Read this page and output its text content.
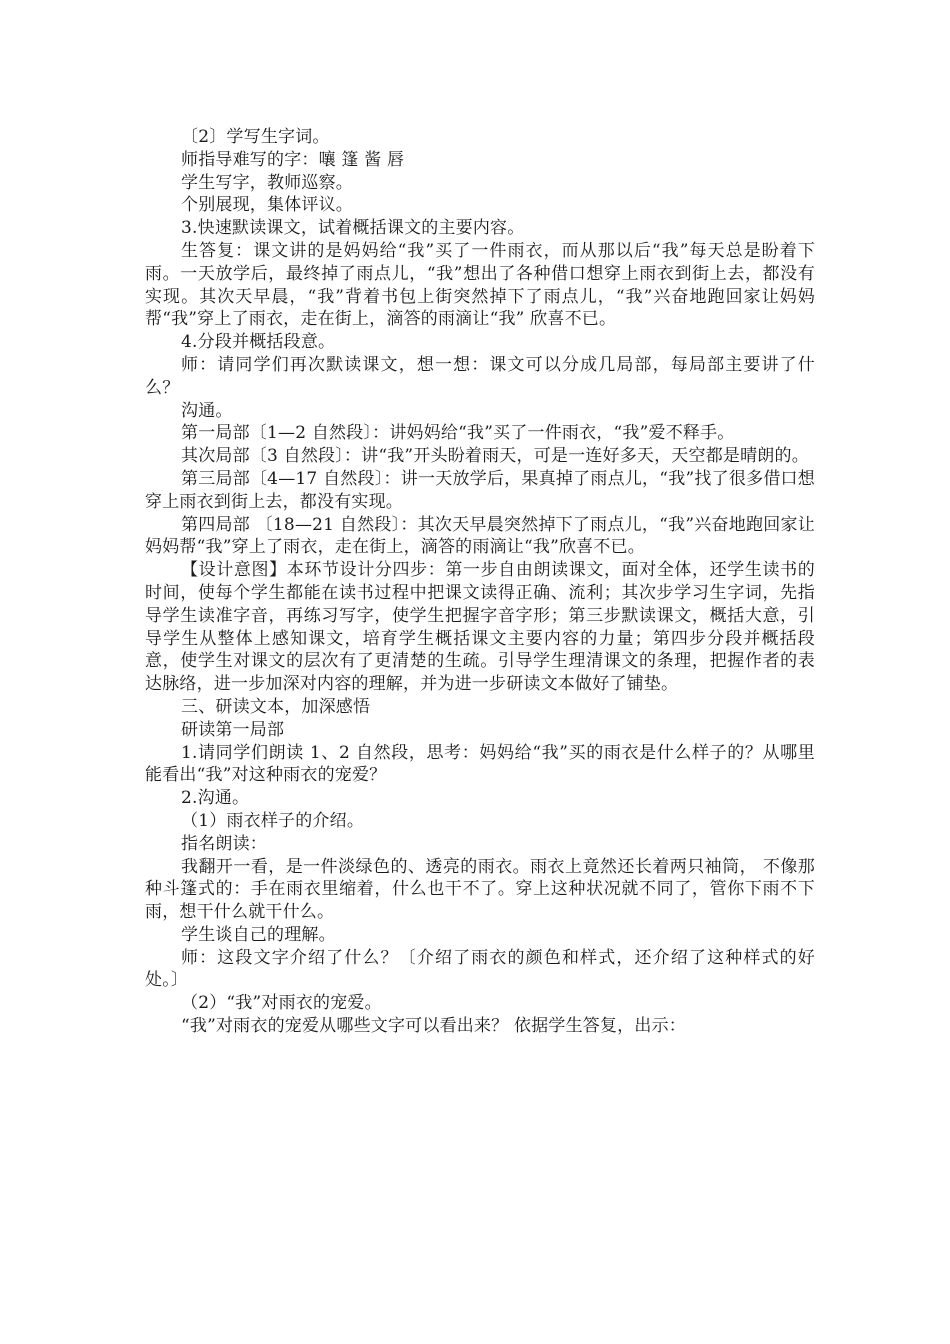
〔2〕学写生字词。

师指导难写的字：嚷 篷 酱 唇

学生写字，教师巡察。

个别展现，集体评议。

3.快速默读课文，试着概括课文的主要内容。

生答复：课文讲的是妈妈给“我”买了一件雨衣，而从那以后“我”每天总是盼着下雨。一天放学后，最终掉了雨点儿，“我”想出了各种借口想穿上雨衣到街上去，都没有实现。其次天早晨，“我”背着书包上街突然掉下了雨点儿，“我”兴奋地跑回家让妈妈帮“我”穿上了雨衣，走在街上，滴答的雨滴让“我” 欣喜不已。

4.分段并概括段意。

师：请同学们再次默读课文，想一想：课文可以分成几局部，每局部主要讲了什么？

沟通。

第一局部〔1—2 自然段〕：讲妈妈给“我”买了一件雨衣，“我”爱不释手。

其次局部〔3 自然段〕：讲“我”开头盼着雨天，可是一连好多天，天空都是晴朗的。

第三局部〔4—17 自然段〕：讲一天放学后，果真掉了雨点儿，“我”找了很多借口想穿上雨衣到街上去，都没有实现。

第四局部 〔18—21 自然段〕：其次天早晨突然掉下了雨点儿，“我”兴奋地跑回家让妈妈帮“我”穿上了雨衣，走在街上，滴答的雨滴让“我”欣喜不已。

【设计意图】本环节设计分四步：第一步自由朗读课文，面对全体，还学生读书的时间，使每个学生都能在读书过程中把课文读得正确、流利；其次步学习生字词，先指导学生读准字音，再练习写字，使学生把握字音字形；第三步默读课文，概括大意，引导学生从整体上感知课文，培育学生概括课文主要内容的力量；第四步分段并概括段意，使学生对课文的层次有了更清楚的生疏。引导学生理清课文的条理，把握作者的表达脉络，进一步加深对内容的理解，并为进一步研读文本做好了铺垫。

三、研读文本，加深感悟

研读第一局部

1.请同学们朗读 1、2 自然段，思考：妈妈给“我”买的雨衣是什么样子的？从哪里能看出“我”对这种雨衣的宠爱？

2.沟通。

（1）雨衣样子的介绍。

指名朗读：

我翻开一看，是一件淡绿色的、透亮的雨衣。雨衣上竟然还长着两只袖筒， 不像那种斗篷式的：手在雨衣里缩着，什么也干不了。穿上这种状况就不同了，管你下雨不下雨，想干什么就干什么。

学生谈自己的理解。

师：这段文字介绍了什么？〔介绍了雨衣的颜色和样式，还介绍了这种样式的好处。〕

（2）“我”对雨衣的宠爱。

“我”对雨衣的宠爱从哪些文字可以看出来？ 依据学生答复，出示：
